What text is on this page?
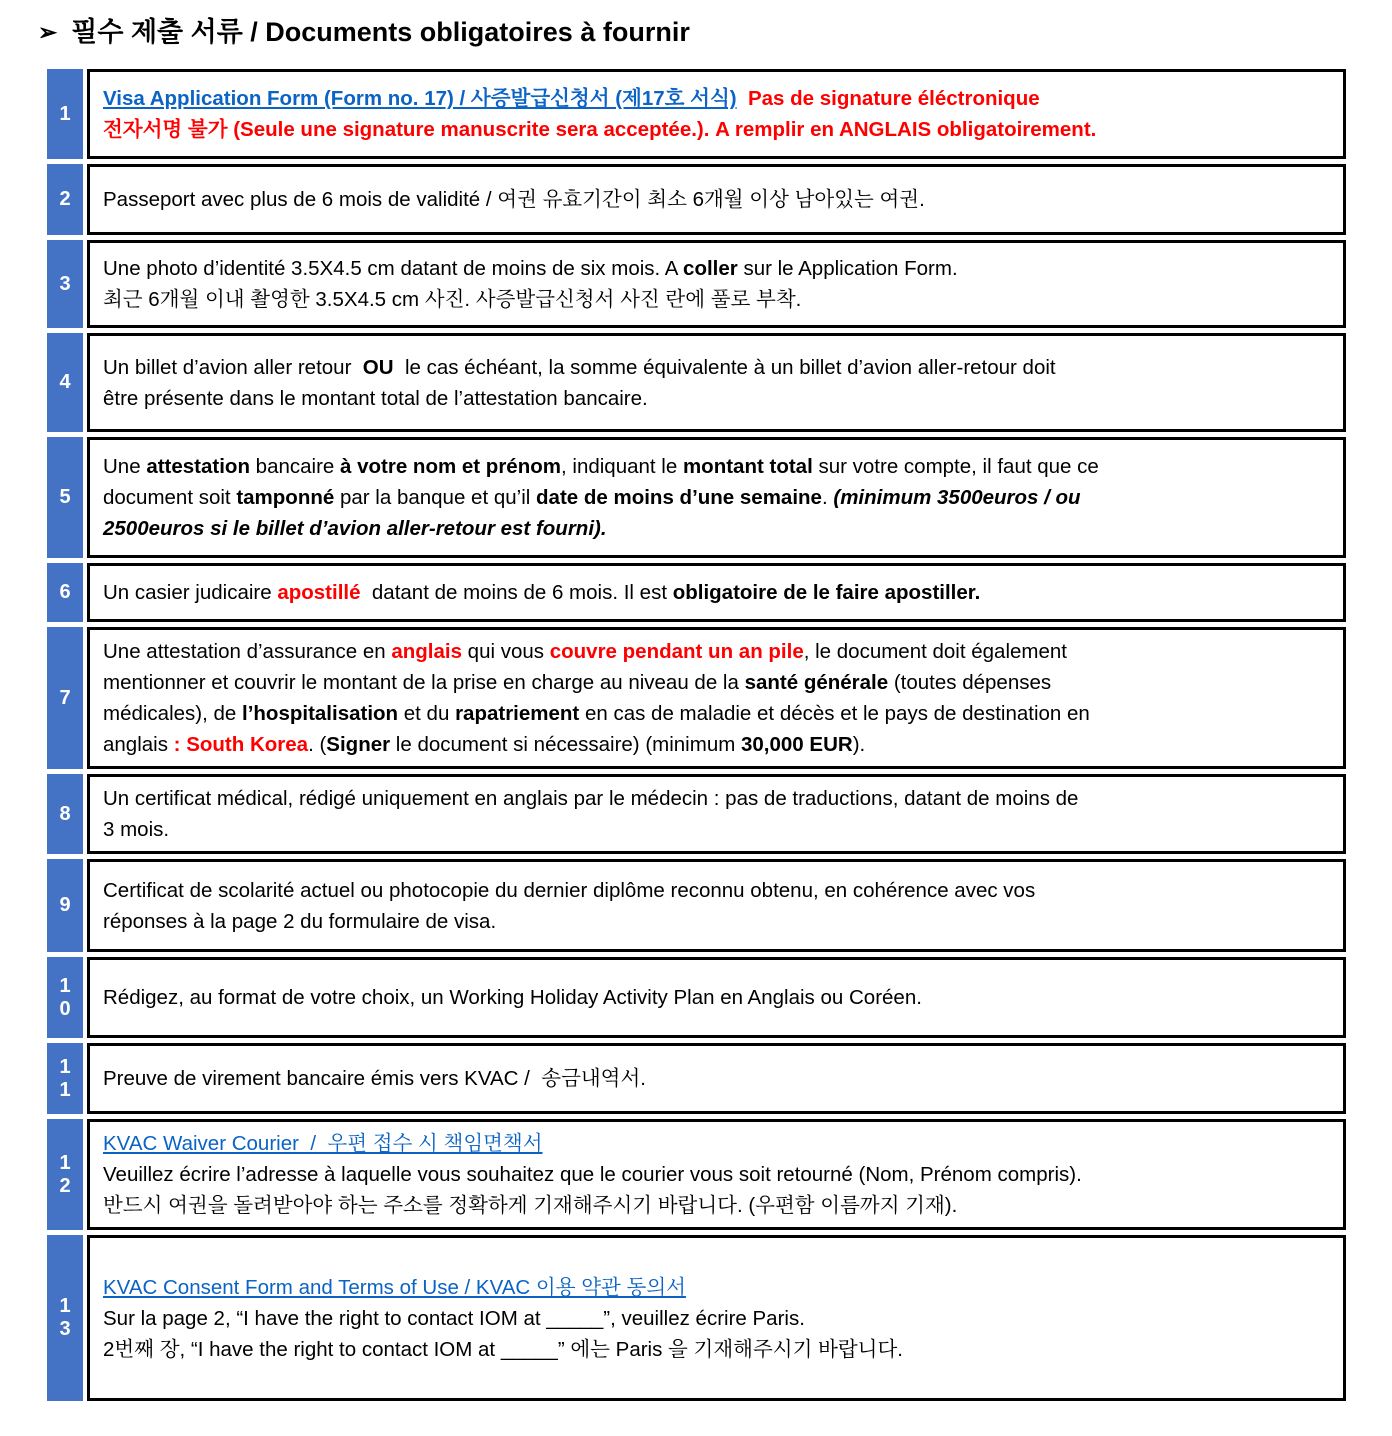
➢ 필수 제출 서류 / Documents obligatoires à fournir
1
Visa Application Form (Form no. 17) / 사증발급신청서 (제17호 서식)  Pas de signature éléctronique
전자서명 불가 (Seule une signature manuscrite sera acceptée.). A remplir en ANGLAIS obligatoirement.
2 Passeport avec plus de 6 mois de validité / 여권 유효기간이 최소 6개월 이상 남아있는 여권.
3
Une photo d’identité 3.5X4.5 cm datant de moins de six mois. A coller sur le Application Form.
최근 6개월 이내 촬영한 3.5X4.5 cm 사진. 사증발급신청서 사진 란에 풀로 부착.
4
Un billet d’avion aller retour  OU  le cas échéant, la somme équivalente à un billet d’avion aller-retour doit
être présente dans le montant total de l’attestation bancaire.
5
Une attestation bancaire à votre nom et prénom, indiquant le montant total sur votre compte, il faut que ce
document soit tamponné par la banque et qu’il date de moins d’une semaine. (minimum 3500euros / ou
2500euros si le billet d’avion aller-retour est fourni).
6 Un casier judicaire apostillé  datant de moins de 6 mois. Il est obligatoire de le faire apostiller.
7
Une attestation d’assurance en anglais qui vous couvre pendant un an pile, le document doit également
mentionner et couvrir le montant de la prise en charge au niveau de la santé générale (toutes dépenses
médicales), de l’hospitalisation et du rapatriement en cas de maladie et décès et le pays de destination en
anglais : South Korea. (Signer le document si nécessaire) (minimum 30,000 EUR).
8
Un certificat médical, rédigé uniquement en anglais par le médecin : pas de traductions, datant de moins de
3 mois.
9
Certificat de scolarité actuel ou photocopie du dernier diplôme reconnu obtenu, en cohérence avec vos
réponses à la page 2 du formulaire de visa.
10 Rédigez, au format de votre choix, un Working Holiday Activity Plan en Anglais ou Coréen.
11 Preuve de virement bancaire émis vers KVAC /  송금내역서.
12
KVAC Waiver Courier  /  우편 접수 시 책임면책서
Veuillez écrire l’adresse à laquelle vous souhaitez que le courier vous soit retourné (Nom, Prénom compris).
반드시 여권을 돌려받아야 하는 주소를 정확하게 기재해주시기 바랍니다. (우편함 이름까지 기재).
13
KVAC Consent Form and Terms of Use / KVAC 이용 약관 동의서
Sur la page 2, “I have the right to contact IOM at _____”, veuillez écrire Paris.
2번째 장, “I have the right to contact IOM at _____” 에는 Paris 을 기재해주시기 바랍니다.
